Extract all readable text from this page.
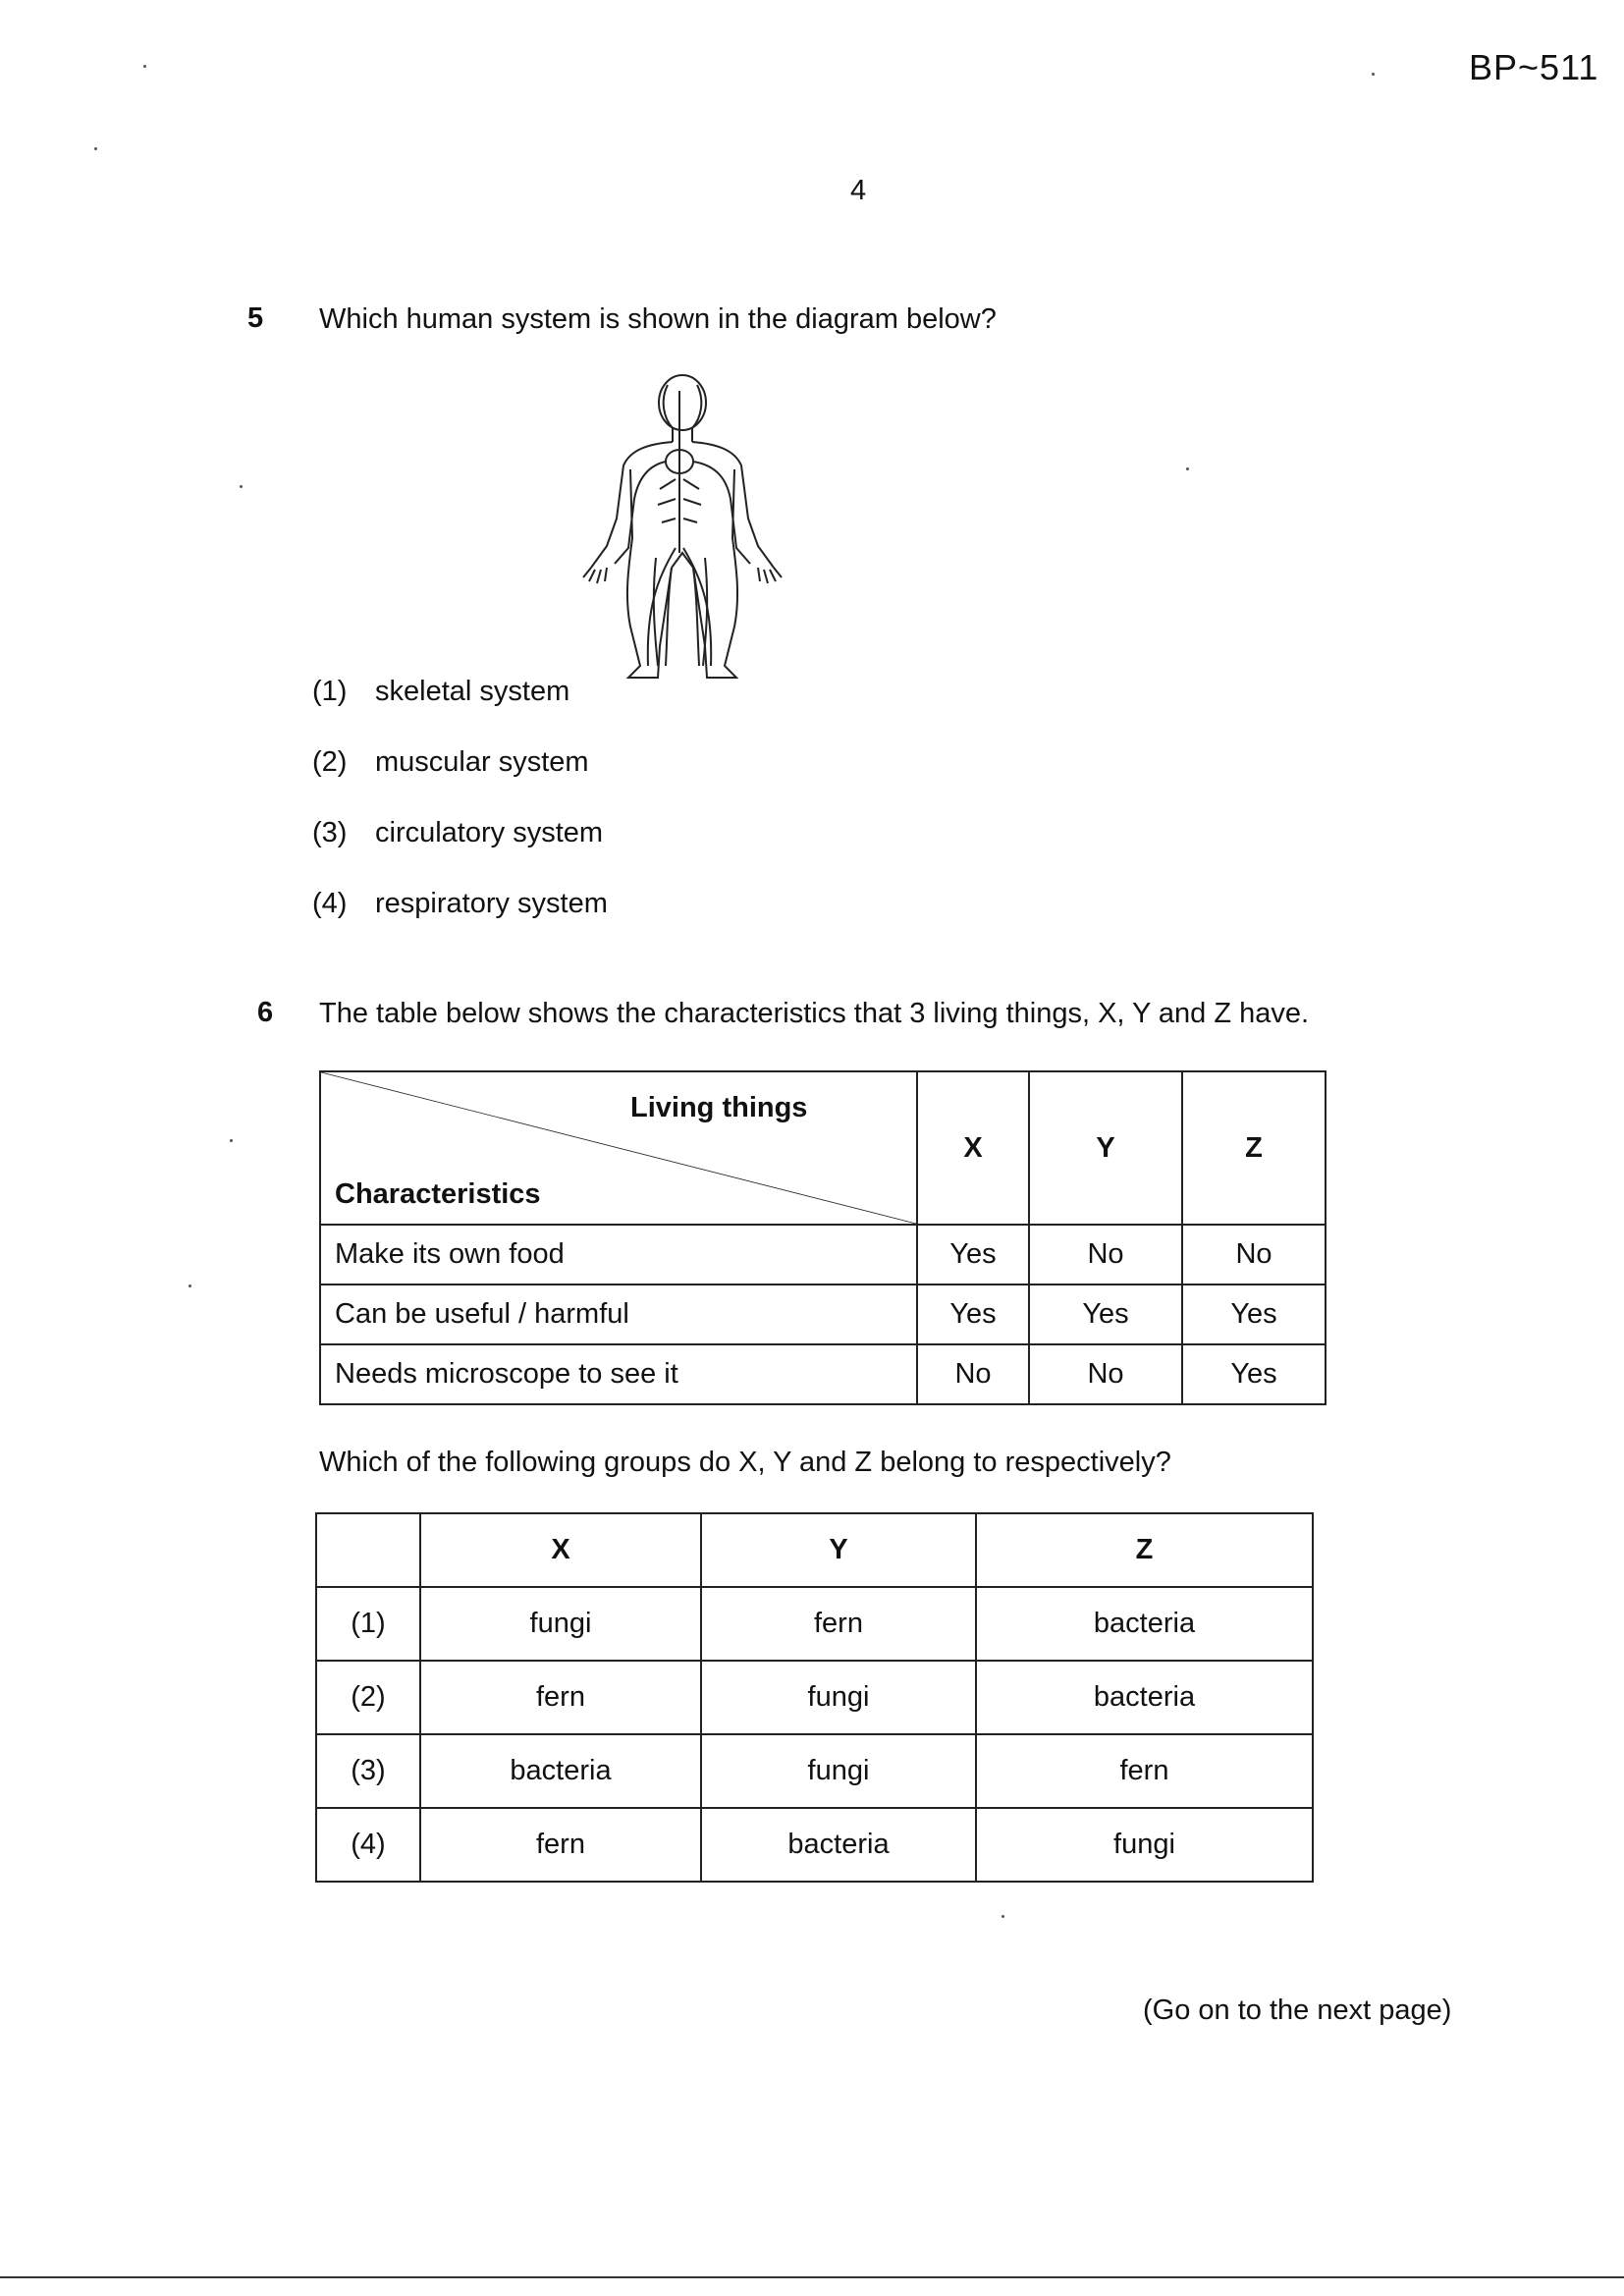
BP~511
4
5 Which human system is shown in the diagram below?
(1) skeletal system
(2) muscular system
(3) circulatory system
(4) respiratory system
6 The table below shows the characteristics that 3 living things, X, Y and Z have.
Living things
Characteristics	X	Y	Z
Make its own food	Yes	No	No
Can be useful / harmful	Yes	Yes	Yes
Needs microscope to see it	No	No	Yes
Which of the following groups do X, Y and Z belong to respectively?
	X	Y	Z
(1)	fungi	fern	bacteria
(2)	fern	fungi	bacteria
(3)	bacteria	fungi	fern
(4)	fern	bacteria	fungi
(Go on to the next page)
